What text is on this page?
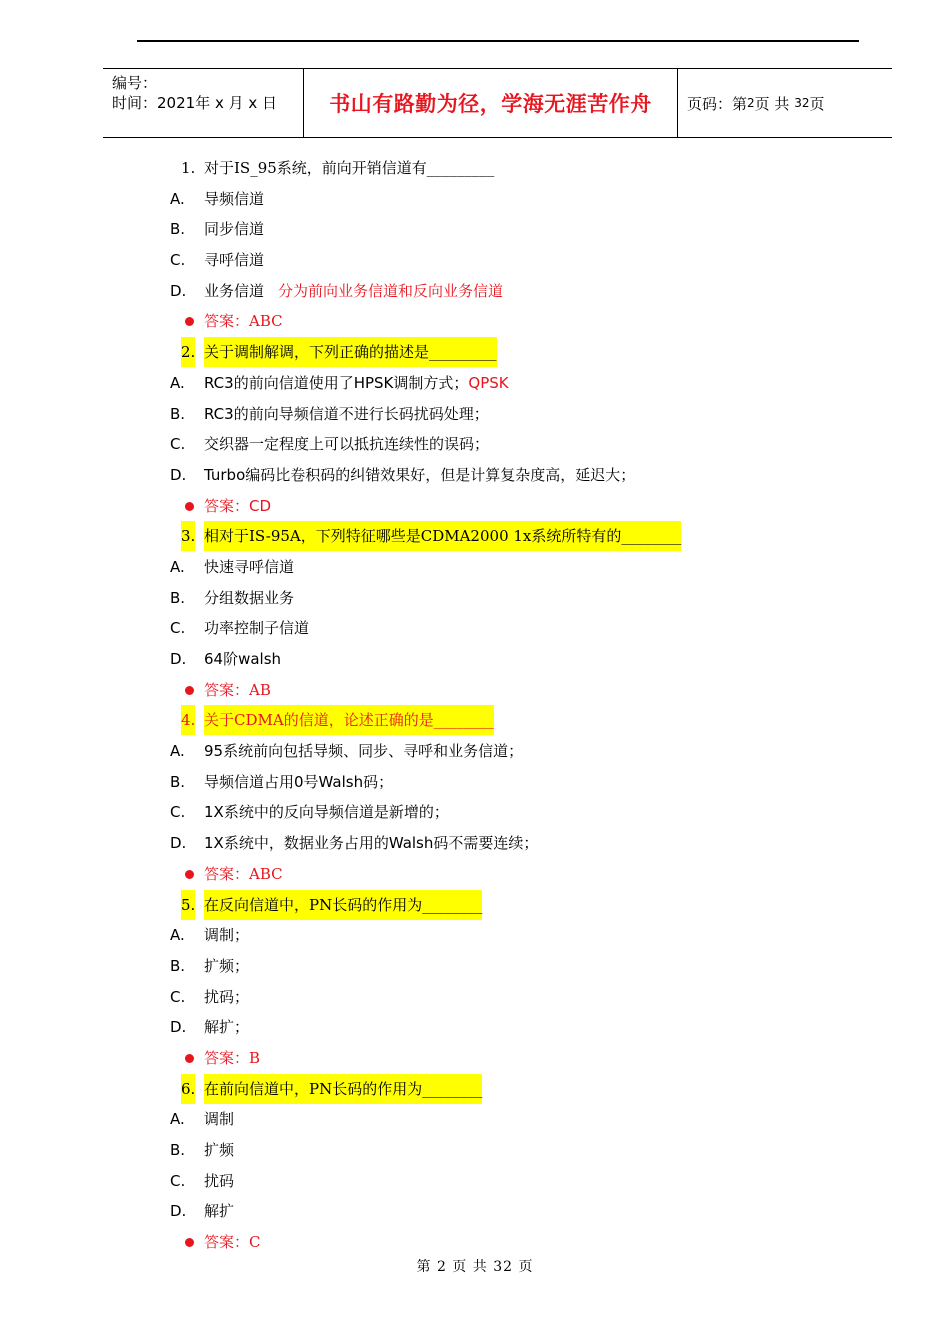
编号：
时间：2021年 x 月 x 日	书山有路勤为径，学海无涯苦作舟	页码：第 2 页 共
32 页
1. 对于IS_95系统，前向开销信道有_________
A. 导频信道
B. 同步信道
C. 寻呼信道
D. 业务信道 分为前向业务信道和反向业务信道
答案：ABC
2. 关于调制解调，下列正确的描述是_________
A. RC3的前向信道使用了HPSK调制方式；QPSK
B. RC3的前向导频信道不进行长码扰码处理；
C. 交织器一定程度上可以抵抗连续性的误码；
D. Turbo编码比卷积码的纠错效果好，但是计算复杂度高，延迟大；
答案：CD
3. 相对于IS-95A，下列特征哪些是CDMA2000 1x系统所特有的________
A. 快速寻呼信道
B. 分组数据业务
C. 功率控制子信道
D. 64阶walsh
答案：AB
4. 关于CDMA的信道，论述正确的是________
A. 95系统前向包括导频、同步、寻呼和业务信道；
B. 导频信道占用0号Walsh码；
C. 1X系统中的反向导频信道是新增的；
D. 1X系统中，数据业务占用的Walsh码不需要连续；
答案：ABC
5. 在反向信道中，PN长码的作用为________
A. 调制；
B. 扩频；
C. 扰码；
D. 解扩；
答案：B
6. 在前向信道中，PN长码的作用为________
A. 调制
B. 扩频
C. 扰码
D. 解扩
答案：C
第 2 页 共 32 页
